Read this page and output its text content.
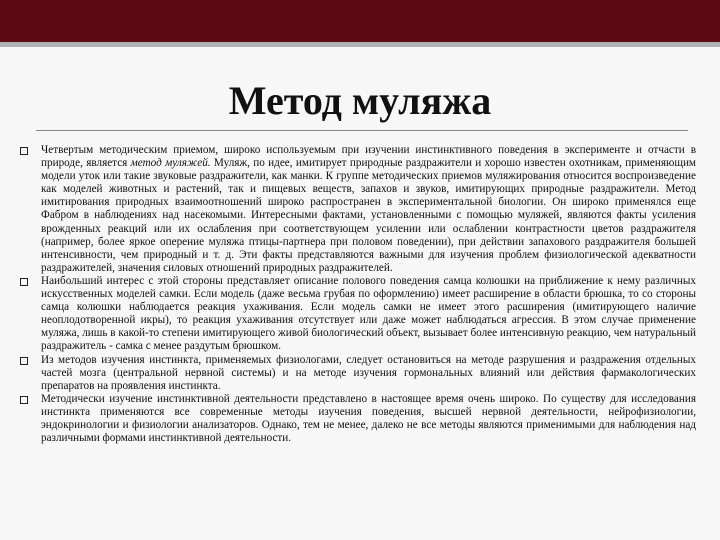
Метод муляжа
Четвертым методическим приемом, широко используемым при изучении инстинктивного поведения в эксперименте и отчасти в природе, является метод муляжей. Муляж, по идее, имитирует природные раздражители и хорошо известен охотникам, применяющим модели уток или такие звуковые раздражители, как манки. К группе методических приемов муляжирования относится воспроизведение как моделей животных и растений, так и пищевых веществ, запахов и звуков, имитирующих природные раздражители. Метод имитирования природных взаимоотношений широко распространен в экспериментальной биологии. Он широко применялся еще Фабром в наблюдениях над насекомыми. Интересными фактами, установленными с помощью муляжей, являются факты усиления врожденных реакций или их ослабления при соответствующем усилении или ослаблении контрастности цветов раздражителя (например, более яркое оперение муляжа птицы-партнера при половом поведении), при действии запахового раздражителя большей интенсивности, чем природный и т. д. Эти факты представляются важными для изучения проблем физиологической адекватности раздражителей, значения силовых отношений природных раздражителей.
Наибольший интерес с этой стороны представляет описание полового поведения самца колюшки на приближение к нему различных искусственных моделей самки. Если модель (даже весьма грубая по оформлению) имеет расширение в области брюшка, то со стороны самца колюшки наблюдается реакция ухаживания. Если модель самки не имеет этого расширения (имитирующего наличие неоплодотворенной икры), то реакция ухаживания отсутствует или даже может наблюдаться агрессия. В этом случае применение муляжа, лишь в какой-то степени имитирующего живой биологический объект, вызывает более интенсивную реакцию, чем натуральный раздражитель - самка с менее раздутым брюшком.
Из методов изучения инстинкта, применяемых физиологами, следует остановиться на методе разрушения и раздражения отдельных частей мозга (центральной нервной системы) и на методе изучения гормональных влияний или действия фармакологических препаратов на проявления инстинкта.
Методически изучение инстинктивной деятельности представлено в настоящее время очень широко. По существу для исследования инстинкта применяются все современные методы изучения поведения, высшей нервной деятельности, нейрофизиологии, эндокринологии и физиологии анализаторов. Однако, тем не менее, далеко не все методы являются применимыми для наблюдения над различными формами инстинктивной деятельности.
